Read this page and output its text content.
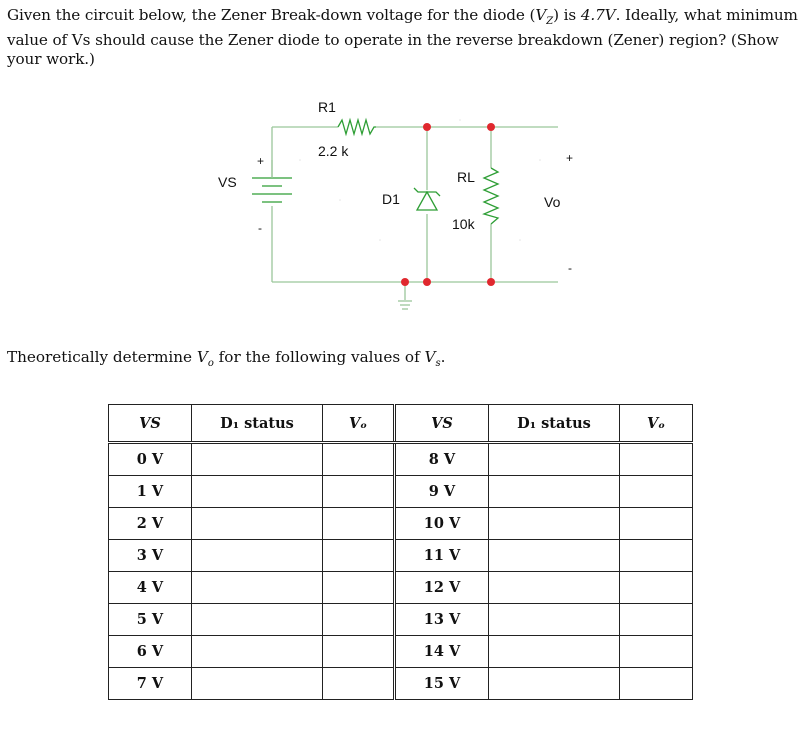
Given the circuit below, the Zener Break-down voltage for the diode $(V_Z)$ is 4.7V. Ideally, what minimum value of Vs should cause the Zener diode to operate in the reverse breakdown (Zener) region? (Show your work.)

R1
2.2 k
VS
+
-
D1
RL
10k
Vo
+
-

Theoretically determine $V_o$ for the following values of $V_s$.

VS	D₁ status	Vₒ	VS	D₁ status	Vₒ
0 V			8 V		
1 V			9 V		
2 V			10 V		
3 V			11 V		
4 V			12 V		
5 V			13 V		
6 V			14 V		
7 V			15 V		
